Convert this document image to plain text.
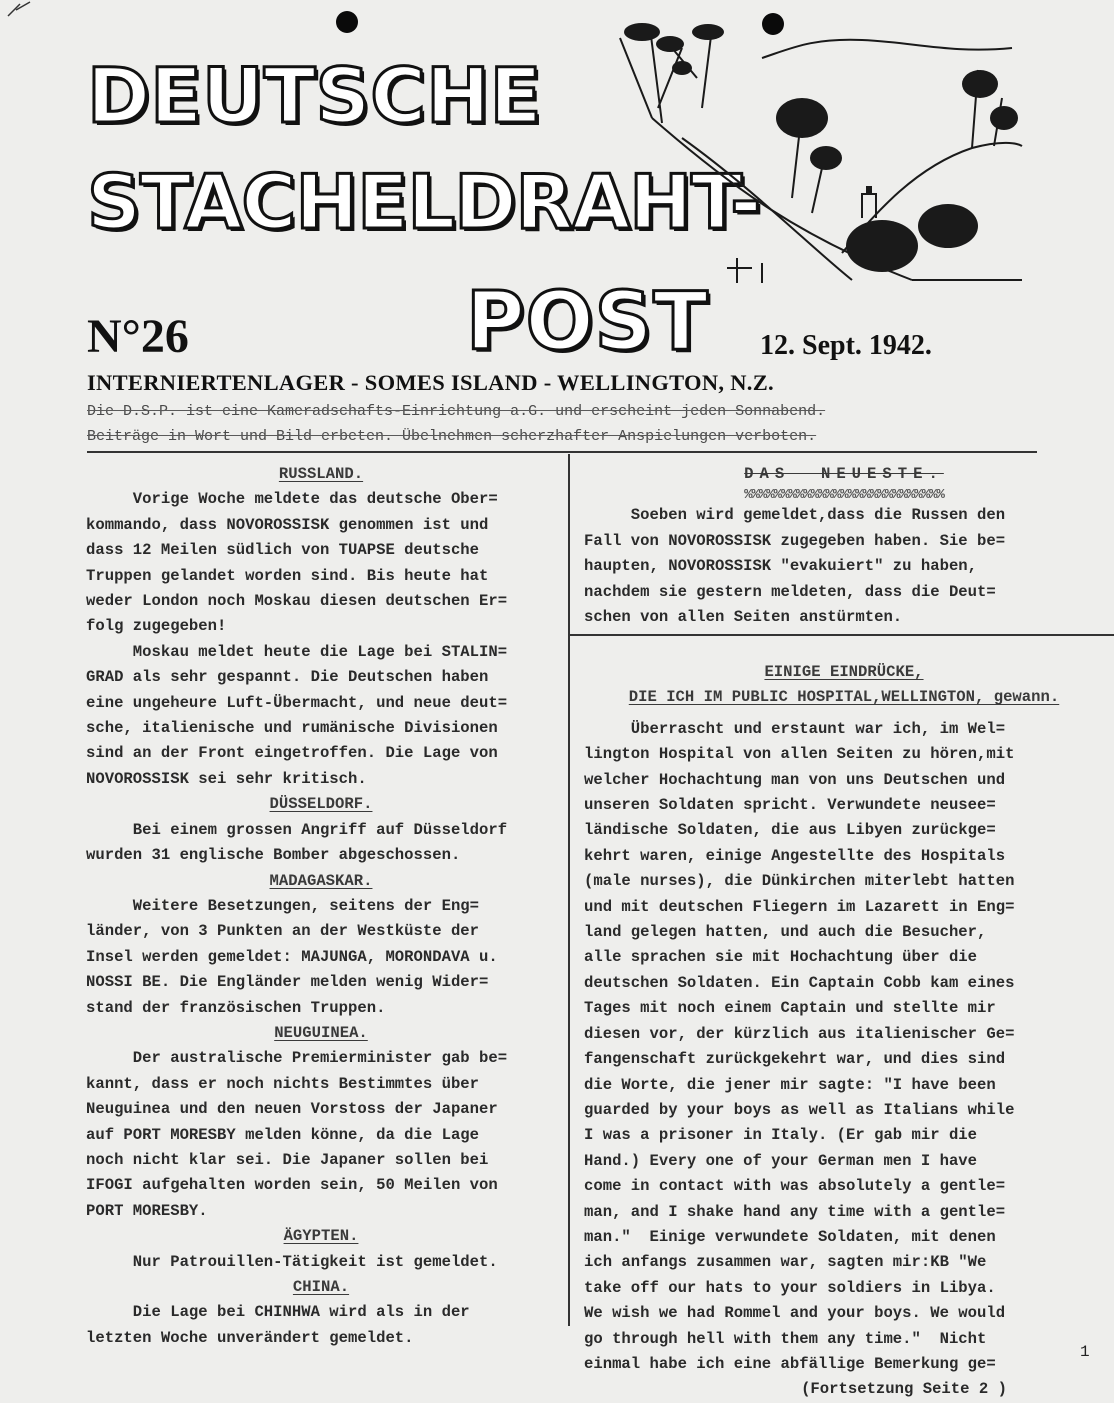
DEUTSCHE
STACHELDRAHT-
POST
N°26	12. Sept. 1942.
INTERNIERTENLAGER - SOMES ISLAND - WELLINGTON, N.Z.
Die D.S.P. ist eine Kameradschafts-Einrichtung a.G. und erscheint jeden Sonnabend.
Beiträge in Wort und Bild erbeten. Übelnehmen scherzhafter Anspielungen verboten.

RUSSLAND.

Vorige Woche meldete das deutsche Ober=

kommando, dass NOVOROSSISK genommen ist und

dass 12 Meilen südlich von TUAPSE deutsche

Truppen gelandet worden sind. Bis heute hat

weder London noch Moskau diesen deutschen Er=

folg zugegeben!

Moskau meldet heute die Lage bei STALIN=

GRAD als sehr gespannt. Die Deutschen haben

eine ungeheure Luft-Übermacht, und neue deut=

sche, italienische und rumänische Divisionen

sind an der Front eingetroffen. Die Lage von

NOVOROSSISK sei sehr kritisch.

DÜSSELDORF.

Bei einem grossen Angriff auf Düsseldorf

wurden 31 englische Bomber abgeschossen.

MADAGASKAR.

Weitere Besetzungen, seitens der Eng=

länder, von 3 Punkten an der Westküste der

Insel werden gemeldet: MAJUNGA, MORONDAVA u.

NOSSI BE. Die Engländer melden wenig Wider=

stand der französischen Truppen.

NEUGUINEA.

Der australische Premierminister gab be=

kannt, dass er noch nichts Bestimmtes über

Neuguinea und den neuen Vorstoss der Japaner

auf PORT MORESBY melden könne, da die Lage

noch nicht klar sei. Die Japaner sollen bei

IFOGI aufgehalten worden sein, 50 Meilen von

PORT MORESBY.

ÄGYPTEN.

Nur Patrouillen-Tätigkeit ist gemeldet.

CHINA.

Die Lage bei CHINHWA wird als in der

letzten Woche unverändert gemeldet.

DAS  NEUESTE.

%%%%%%%%%%%%%%%%%%%%%%%%%%%

Soeben wird gemeldet,dass die Russen den

Fall von NOVOROSSISK zugegeben haben. Sie be=

haupten, NOVOROSSISK "evakuiert" zu haben,

nachdem sie gestern meldeten, dass die Deut=

schen von allen Seiten anstürmten.

EINIGE EINDRÜCKE,

DIE ICH IM PUBLIC HOSPITAL,WELLINGTON, gewann.

Überrascht und erstaunt war ich, im Wel=

lington Hospital von allen Seiten zu hören,mit

welcher Hochachtung man von uns Deutschen und

unseren Soldaten spricht. Verwundete neusee=

ländische Soldaten, die aus Libyen zurückge=

kehrt waren, einige Angestellte des Hospitals

(male nurses), die Dünkirchen miterlebt hatten

und mit deutschen Fliegern im Lazarett in Eng=

land gelegen hatten, und auch die Besucher,

alle sprachen sie mit Hochachtung über die

deutschen Soldaten. Ein Captain Cobb kam eines

Tages mit noch einem Captain und stellte mir

diesen vor, der kürzlich aus italienischer Ge=

fangenschaft zurückgekehrt war, und dies sind

die Worte, die jener mir sagte: "I have been

guarded by your boys as well as Italians while

I was a prisoner in Italy. (Er gab mir die

Hand.) Every one of your German men I have

come in contact with was absolutely a gentle=

man, and I shake hand any time with a gentle=

man."  Einige verwundete Soldaten, mit denen

ich anfangs zusammen war, sagten mir:KB "We

take off our hats to your soldiers in Libya.

We wish we had Rommel and your boys. We would

go through hell with them any time."  Nicht

einmal habe ich eine abfällige Bemerkung ge=

(Fortsetzung Seite 2 )

1
